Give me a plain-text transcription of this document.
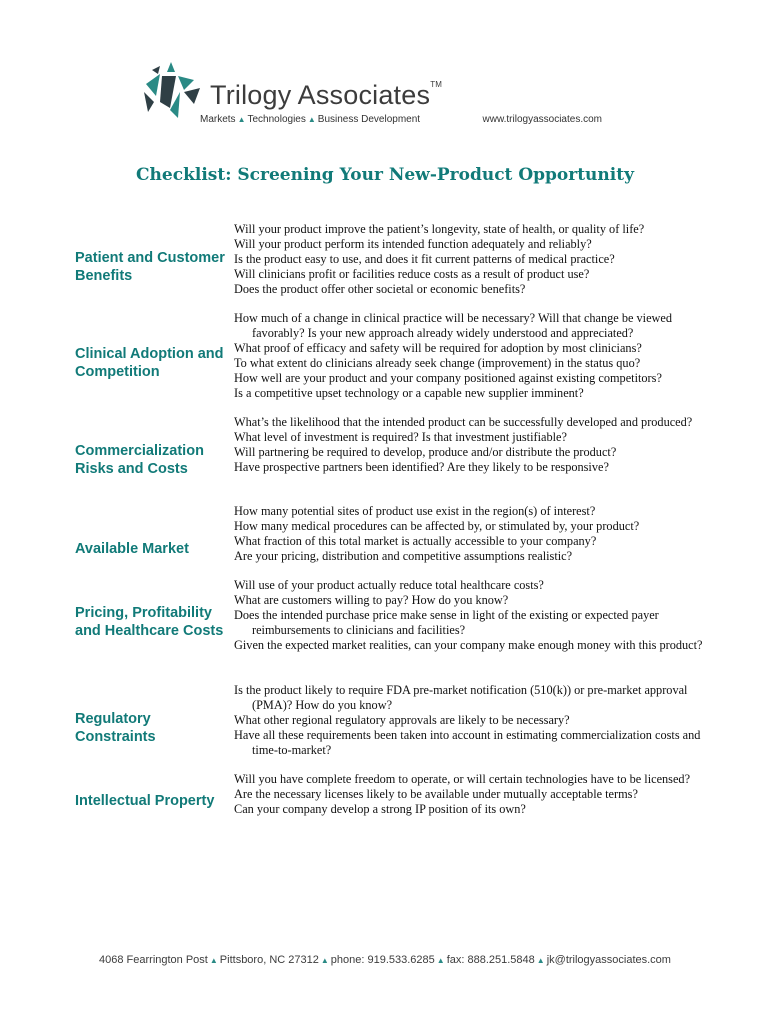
Trilogy Associates™
Markets ▲ Technologies ▲ Business Development	www.trilogyassociates.com
Checklist: Screening Your New-Product Opportunity
Patient and Customer Benefits
Will your product improve the patient’s longevity, state of health, or quality of life?
Will your product perform its intended function adequately and reliably?
Is the product easy to use, and does it fit current patterns of medical practice?
Will clinicians profit or facilities reduce costs as a result of product use?
Does the product offer other societal or economic benefits?
Clinical Adoption and Competition
How much of a change in clinical practice will be necessary? Will that change be viewed favorably? Is your new approach already widely understood and appreciated?
What proof of efficacy and safety will be required for adoption by most clinicians?
To what extent do clinicians already seek change (improvement) in the status quo?
How well are your product and your company positioned against existing competitors?
Is a competitive upset technology or a capable new supplier imminent?
Commercialization Risks and Costs
What’s the likelihood that the intended product can be successfully developed and produced?
What level of investment is required? Is that investment justifiable?
Will partnering be required to develop, produce and/or distribute the product?
Have prospective partners been identified? Are they likely to be responsive?
Available Market
How many potential sites of product use exist in the region(s) of interest?
How many medical procedures can be affected by, or stimulated by, your product?
What fraction of this total market is actually accessible to your company?
Are your pricing, distribution and competitive assumptions realistic?
Pricing, Profitability and Healthcare Costs
Will use of your product actually reduce total healthcare costs?
What are customers willing to pay? How do you know?
Does the intended purchase price make sense in light of the existing or expected payer reimbursements to clinicians and facilities?
Given the expected market realities, can your company make enough money with this product?
Regulatory Constraints
Is the product likely to require FDA pre-market notification (510(k)) or pre-market approval (PMA)? How do you know?
What other regional regulatory approvals are likely to be necessary?
Have all these requirements been taken into account in estimating commercialization costs and time-to-market?
Intellectual Property
Will you have complete freedom to operate, or will certain technologies have to be licensed?
Are the necessary licenses likely to be available under mutually acceptable terms?
Can your company develop a strong IP position of its own?
4068 Fearrington Post ▲ Pittsboro, NC 27312 ▲ phone: 919.533.6285 ▲ fax: 888.251.5848 ▲ jk@trilogyassociates.com
